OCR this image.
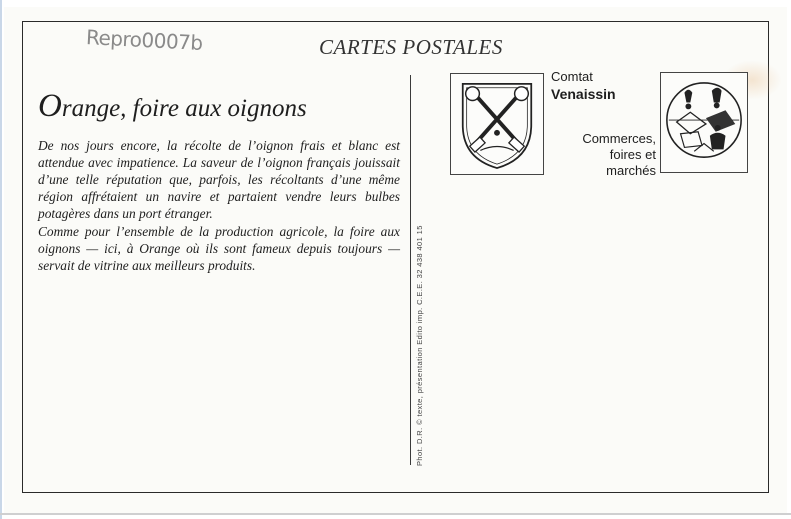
Repro0007b	CARTES POSTALES
Orange, foire aux oignons

De nos jours encore, la récolte de l’oignon frais et blanc est attendue avec impatience. La saveur de l’oignon français jouissait d’une telle réputation que, parfois, les récoltants d’une même région affrétaient un navire et partaient vendre leurs bulbes potagères dans un port étranger.

Comme pour l’ensemble de la production agricole, la foire aux oignons — ici, à Orange où ils sont fameux depuis toujours — servait de vitrine aux meilleurs produits.	Phot. D.R. © texte, présentation Edito imp. C.E.E. 32 438 401 15
Comtat
Venaissin
Commerces,
foires et
marchés
